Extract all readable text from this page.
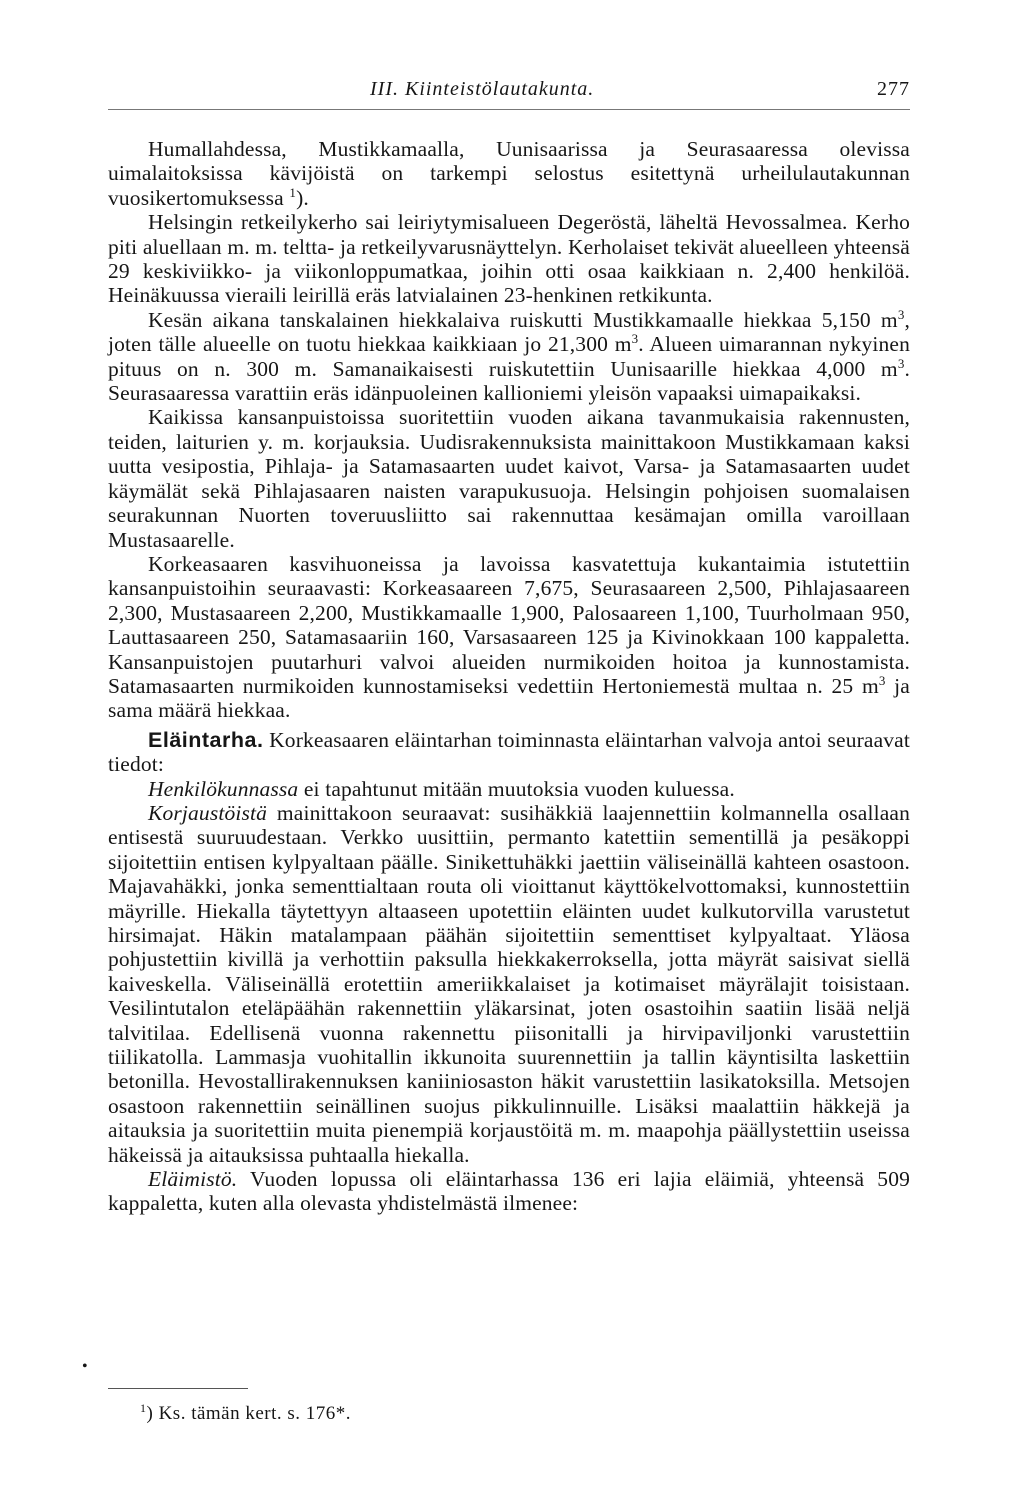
III. Kiinteistölautakunta.	277

Humallahdessa, Mustikkamaalla, Uunisaarissa ja Seurasaaressa olevissa uimalaitoksissa kävijöistä on tarkempi selostus esitettynä urheilulautakunnan vuosikertomuksessa $^1$).

Helsingin retkeilykerho sai leiriytymisalueen Degeröstä, läheltä Hevossalmea. Kerho piti aluellaan m. m. teltta- ja retkeilyvarusnäyttelyn. Kerholaiset tekivät alueelleen yhteensä 29 keskiviikko- ja viikonloppumatkaa, joihin otti osaa kaikkiaan n. 2,400 henkilöä. Heinäkuussa vieraili leirillä eräs latvialainen 23-henkinen retkikunta.

Kesän aikana tanskalainen hiekkalaiva ruiskutti Mustikkamaalle hiekkaa 5,150 $m^3$, joten tälle alueelle on tuotu hiekkaa kaikkiaan jo 21,300 $m^3$. Alueen uimarannan nykyinen pituus on n. 300 m. Samanaikaisesti ruiskutettiin Uunisaarille hiekkaa 4,000 $m^3$. Seurasaaressa varattiin eräs idänpuoleinen kallioniemi yleisön vapaaksi uimapaikaksi.

Kaikissa kansanpuistoissa suoritettiin vuoden aikana tavanmukaisia rakennusten, teiden, laiturien y. m. korjauksia. Uudisrakennuksista mainittakoon Mustikkamaan kaksi uutta vesipostia, Pihlaja- ja Satamasaarten uudet kaivot, Varsa- ja Satamasaarten uudet käymälät sekä Pihlajasaaren naisten varapukusuoja. Helsingin pohjoisen suomalaisen seurakunnan Nuorten toveruusliitto sai rakennuttaa kesämajan omilla varoillaan Mustasaarelle.

Korkeasaaren kasvihuoneissa ja lavoissa kasvatettuja kukantaimia istutettiin kansanpuistoihin seuraavasti: Korkeasaareen 7,675, Seurasaareen 2,500, Pihlajasaareen 2,300, Mustasaareen 2,200, Mustikkamaalle 1,900, Palosaareen 1,100, Tuurholmaan 950, Lauttasaareen 250, Satamasaariin 160, Varsasaareen 125 ja Kivinokkaan 100 kappaletta. Kansanpuistojen puutarhuri valvoi alueiden nurmikoiden hoitoa ja kunnostamista. Satamasaarten nurmikoiden kunnostamiseksi vedettiin Hertoniemestä multaa n. 25 $m^3$ ja sama määrä hiekkaa.

Eläintarha. Korkeasaaren eläintarhan toiminnasta eläintarhan valvoja antoi seuraavat tiedot:

Henkilökunnassa ei tapahtunut mitään muutoksia vuoden kuluessa.

Korjaustöistä mainittakoon seuraavat: susihäkkiä laajennettiin kolmannella osallaan entisestä suuruudestaan. Verkko uusittiin, permanto katettiin sementillä ja pesäkoppi sijoitettiin entisen kylpyaltaan päälle. Sinikettuhäkki jaettiin väliseinällä kahteen osastoon. Majavahäkki, jonka sementtialtaan routa oli vioittanut käyttökelvottomaksi, kunnostettiin mäyrille. Hiekalla täytettyyn altaaseen upotettiin eläinten uudet kulkutorvilla varustetut hirsimajat. Häkin matalampaan päähän sijoitettiin sementtiset kylpyaltaat. Yläosa pohjustettiin kivillä ja verhottiin paksulla hiekkakerroksella, jotta mäyrät saisivat siellä kaiveskella. Väliseinällä erotettiin ameriikkalaiset ja kotimaiset mäyrälajit toisistaan. Vesilintutalon eteläpäähän rakennettiin yläkarsinat, joten osastoihin saatiin lisää neljä talvitilaa. Edellisenä vuonna rakennettu piisonitalli ja hirvipaviljonki varustettiin tiilikatolla. Lammasja vuohitallin ikkunoita suurennettiin ja tallin käyntisilta laskettiin betonilla. Hevostallirakennuksen kaniiniosaston häkit varustettiin lasikatoksilla. Metsojen osastoon rakennettiin seinällinen suojus pikkulinnuille. Lisäksi maalattiin häkkejä ja aitauksia ja suoritettiin muita pienempiä korjaustöitä m. m. maapohja päällystettiin useissa häkeissä ja aitauksissa puhtaalla hiekalla.

Eläimistö. Vuoden lopussa oli eläintarhassa 136 eri lajia eläimiä, yhteensä 509 kappaletta, kuten alla olevasta yhdistelmästä ilmenee:

•
$^1$) Ks. tämän kert. s. 176*.
